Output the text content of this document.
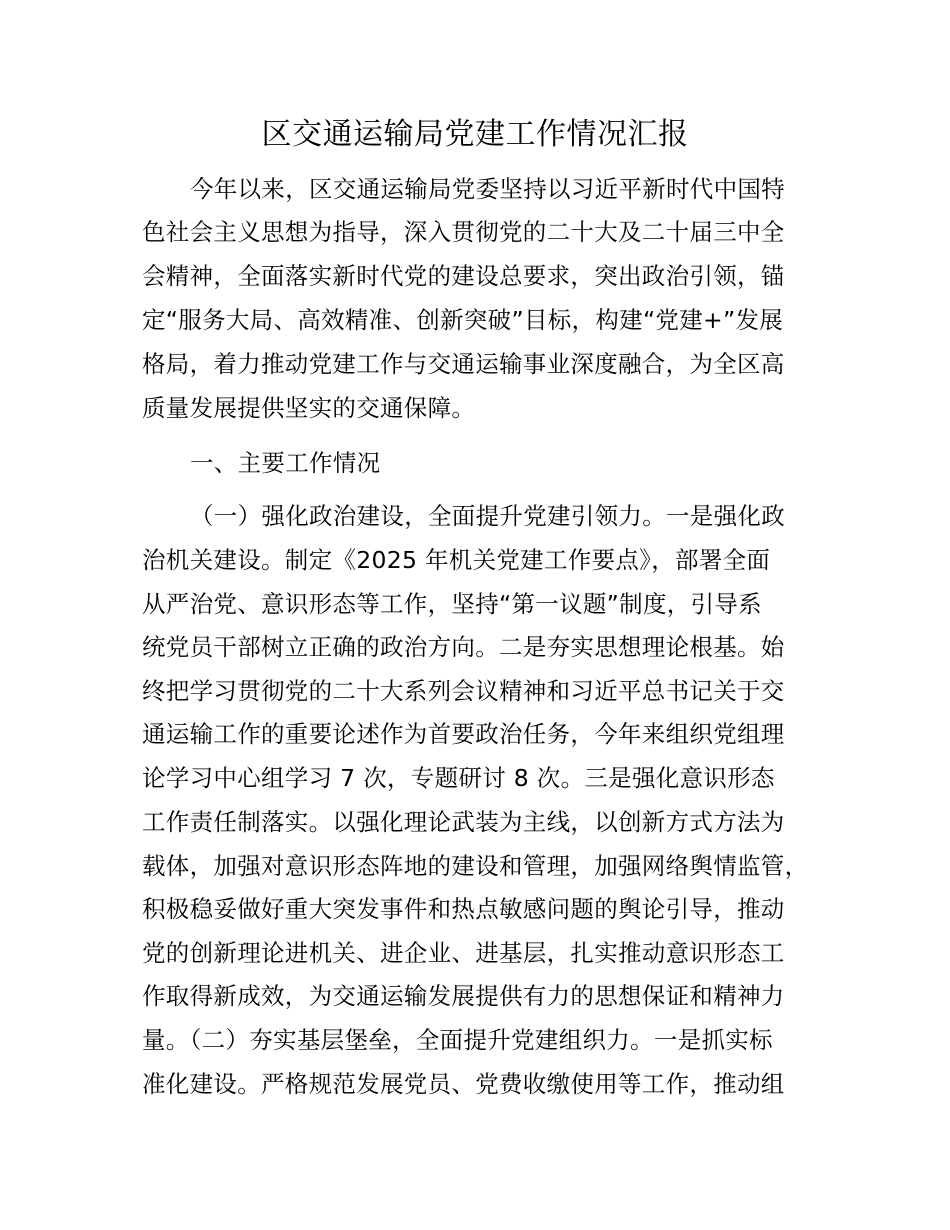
区交通运输局党建工作情况汇报
今年以来，区交通运输局党委坚持以习近平新时代中国特
色社会主义思想为指导，深入贯彻党的二十大及二十届三中全
会精神，全面落实新时代党的建设总要求，突出政治引领，锚
定“服务大局、高效精准、创新突破”目标，构建“党建+”发展
格局，着力推动党建工作与交通运输事业深度融合，为全区高
质量发展提供坚实的交通保障。
一、主要工作情况
（一）强化政治建设，全面提升党建引领力。一是强化政
治机关建设。制定《2025 年机关党建工作要点》，部署全面
从严治党、意识形态等工作，坚持“第一议题”制度，引导系
统党员干部树立正确的政治方向。二是夯实思想理论根基。始
终把学习贯彻党的二十大系列会议精神和习近平总书记关于交
通运输工作的重要论述作为首要政治任务，今年来组织党组理
论学习中心组学习 7 次，专题研讨 8 次。三是强化意识形态
工作责任制落实。以强化理论武装为主线，以创新方式方法为
载体，加强对意识形态阵地的建设和管理，加强网络舆情监管，
积极稳妥做好重大突发事件和热点敏感问题的舆论引导，推动
党的创新理论进机关、进企业、进基层，扎实推动意识形态工
作取得新成效，为交通运输发展提供有力的思想保证和精神力
量。（二）夯实基层堡垒，全面提升党建组织力。一是抓实标
准化建设。严格规范发展党员、党费收缴使用等工作，推动组
